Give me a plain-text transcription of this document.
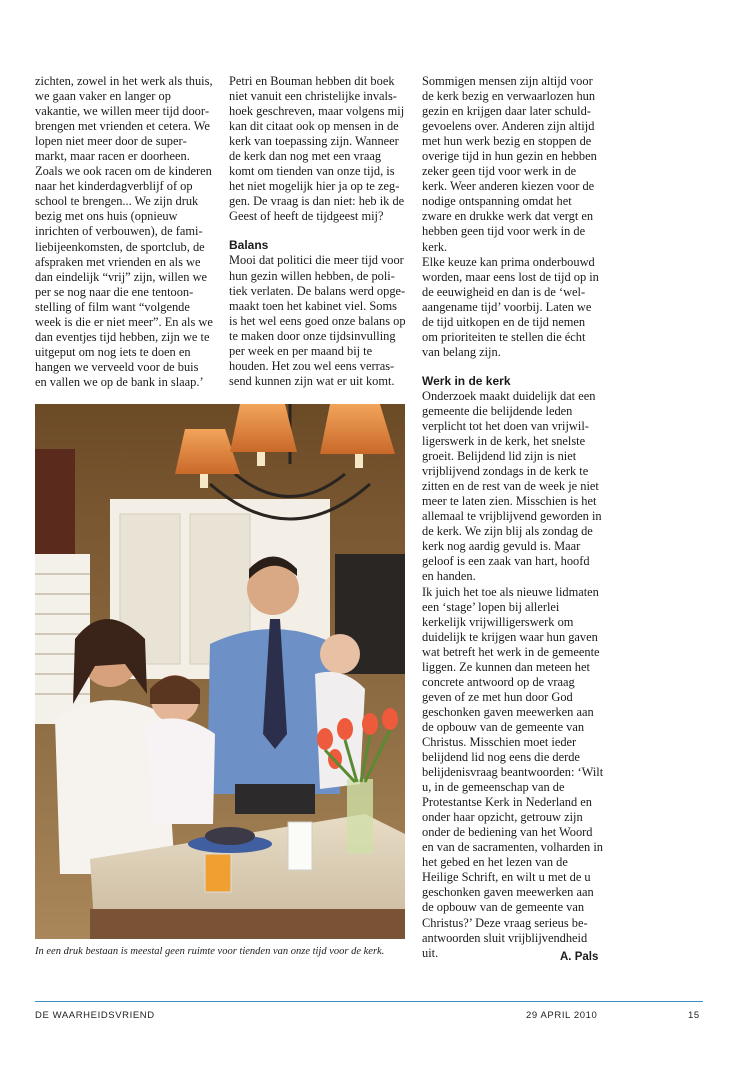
zichten, zowel in het werk als thuis, we gaan vaker en langer op vakantie, we willen meer tijd doorbrengen met vrienden et cetera. We lopen niet meer door de supermarkt, maar racen er doorheen. Zoals we ook racen om de kinderen naar het kinderdagverblijf of op school te brengen... We zijn druk bezig met ons huis (opnieuw inrichten of verbouwen), de familiebijeenkomsten, de sportclub, de afspraken met vrienden en als we dan eindelijk “vrij” zijn, willen we per se nog naar die ene tentoonstelling of film want “volgende week is die er niet meer”. En als we dan eventjes tijd hebben, zijn we te uitgeput om nog iets te doen en hangen we verveeld voor de buis en vallen we op de bank in slaap.’

Petri en Bouman hebben dit boek niet vanuit een christelijke invalshoek geschreven, maar volgens mij kan dit citaat ook op mensen in de kerk van toepassing zijn. Wanneer de kerk dan nog met een vraag komt om tienden van onze tijd, is het niet mogelijk hier ja op te zeggen. De vraag is dan niet: heb ik de Geest of heeft de tijdgeest mij?

Balans

Mooi dat politici die meer tijd voor hun gezin willen hebben, de politiek verlaten. De balans werd opgemaakt toen het kabinet viel. Soms is het wel eens goed onze balans op te maken door onze tijdsinvulling per week en per maand bij te houden. Het zou wel eens verrassend kunnen zijn wat er uit komt.

Sommigen mensen zijn altijd voor de kerk bezig en verwaarlozen hun gezin en krijgen daar later schuldgevoelens over. Anderen zijn altijd met hun werk bezig en stoppen de overige tijd in hun gezin en hebben zeker geen tijd voor werk in de kerk. Weer anderen kiezen voor de nodige ontspanning omdat het zware en drukke werk dat vergt en hebben geen tijd voor werk in de kerk.

Elke keuze kan prima onderbouwd worden, maar eens lost de tijd op in de eeuwigheid en dan is de ‘welaangename tijd’ voorbij. Laten we de tijd uitkopen en de tijd nemen om prioriteiten te stellen die écht van belang zijn.

Werk in de kerk

Onderzoek maakt duidelijk dat een gemeente die belijdende leden verplicht tot het doen van vrijwilligerswerk in de kerk, het snelste groeit. Belijdend lid zijn is niet vrijblijvend zondags in de kerk te zitten en de rest van de week je niet meer te laten zien. Misschien is het allemaal te vrijblijvend geworden in de kerk. We zijn blij als zondag de kerk nog aardig gevuld is. Maar geloof is een zaak van hart, hoofd en handen.

Ik juich het toe als nieuwe lidmaten een ‘stage’ lopen bij allerlei kerkelijk vrijwilligerswerk om duidelijk te krijgen waar hun gaven wat betreft het werk in de gemeente liggen. Ze kunnen dan meteen het concrete antwoord op de vraag geven of ze met hun door God geschonken gaven meewerken aan de opbouw van de gemeente van Christus. Misschien moet ieder belijdend lid nog eens die derde belijdenisvraag beantwoorden: ‘Wilt u, in de gemeenschap van de Protestantse Kerk in Nederland en onder haar opzicht, getrouw zijn onder de bediening van het Woord en van de sacramenten, volharden in het gebed en het lezen van de Heilige Schrift, en wilt u met de u geschonken gaven meewerken aan de opbouw van de gemeente van Christus?’ Deze vraag serieus beantwoorden sluit vrijblijvendheid uit.

In een druk bestaan is meestal geen ruimte voor tienden van onze tijd voor de kerk.	A. Pals
DE WAARHEIDSVRIEND	29 APRIL 2010	15
